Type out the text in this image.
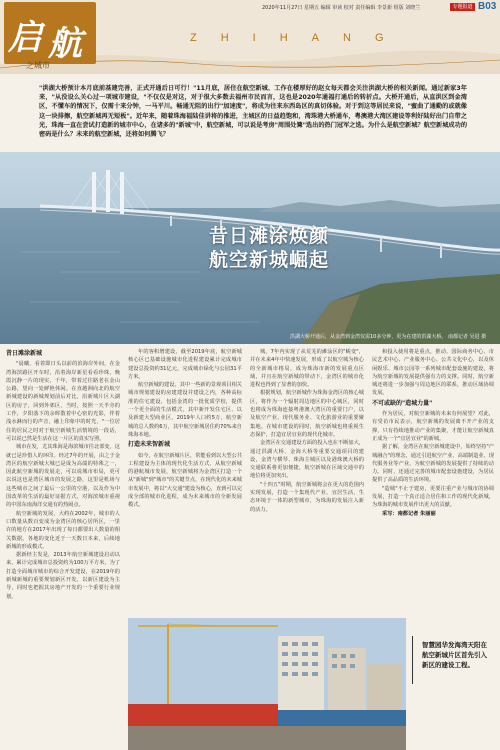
启 航	ZHIHANG
之城市
2020年11月27日 星期五 编辑 审读 校对 责任编辑 李景新 组版 刘晓兰	专题报道 B03
"洪湖大桥预计本月底前基建完善，正式开通后日可行！"11月底，居住在航空新城、工作在楼厚好的赵女每天都会关注洪湖大桥的相关新闻。通过新家3年来，"从没设么关心过一项城市建设，"不仅仅是对这，对于很大多数去福州市民而言，这也是2020年通福打通后的转折点。大桥开通后，从直洪区到金湾区，不懂车的情况下，仅需十来分钟，一马平川。畅通无阻的出行"加速度"，将成为往来东西岛区的真切体验。对于到这等居民来说，"蜜曲了通勤的或就像这一块排擦，航空新城再无短板"。近年来，随着珠海福陆佳讲将的推进，主城区的日益趋饱和，湾珠港大桥通车，粤澳港大湾区建设等利好陆好出门自带之光，珠海一直在尝试打造新的城市中心，在诸多的"新城"中，航空新城，可以说是考房"周围处篝"选出的热门冠军之选。为什么是航空新城？航空新城成功的密码是什么？未来的航空新城，还将如何腾飞？
昔日滩涂焕颜
航空新城崛起
洪湖大桥开通后，从金湾到金湾仅需10多分钟，更为在建的洪湖大桥。 南都记者 吴进 摄
昔日滩涂新城

"晨曦，看着即日头以前的滨海岸外间，在金湾海滨路区开车时，沿着海岸新星看看珍珠，晚霞沉静一片的现实，千年，带着过往路老在金山公路，望向一处鲜艳休闲。在直越洲向北的航空新城建设的新城规划前后对比，沿新城片区大湖区的房子，回到外郊区，当时，按照一天半旁的工作，夕阳落下的余晖散着中心密的光影，伴着浅水淋而行的声音，融上印象中的时光，"一位居住的居民之时对于航空新城生活情境的一段话，可以说已然是生活在这一片区的真实写照。

城市在发，尤其珠海是海滨城市往北部变，这就已是珍惜人的环印。经过7年的开展，由之于金湾区的航空新城大城已是成为高端的特殊之一，因此航空新城的发展走，可以说城市布局，更可以说这也是湾区城市的发展之路，这里是机场与这些城市之间了最后一公里的空港，以及作为中国改革的生活的最好证据方式，对海滨城市重视的中国东南海洋交通有的热闹点。

航空新城的发展，大约在2002年，城市的人口数量从数百变成为金湾区的核心居所区，一里许的地方在2017年出现了每日都要出人数量的相关数据。各地的变化近于一天数日本来，后续地新城的形成模式。

据新经主发是，2013年航空新城建设启动以来，累计完成城市总投资约为100万平方米，为了打造全面城市城市的综合开发建设，在2019年的新城新城的重要规划新区开发，以新区建设为主导，同时也把握其房地产开发的一个重要行业规划。

年的客积增建设，截至2019年底，航空新城核心区已基础设施城市化进程建设累计完成城市建设总投资约31亿元，完成城市绿化与公园31平方米。

航空新城的建设，其中一些新的景观项目相关城市规划建设的房建建设并建设之内，各种高标准的住宅建设，包括金湾的一批优质学校，提供一个更全面的生活模式，其中新开发住宅区、以及新建大型商业区，2019年人口约5万，航空新城的总人数约6万，其中航空新城居住约70%来自珠海本地。

打造未来智新城

如今，在航空新城片区，常能看到以大型公共工程建设为主体的现代化生活方式，从航空新城的港航城市发展，航空新城将为金湾区打造一个从"新城"到"城市"的关键节点，在现代化的未来城市发展中，将以"大交通"建设为核心，直到可以完成全部的城市化进程，成为未来城市的全新发展模式。

城，7年内实现了从荒芜的滩涂区的"蜕变"，并在未来4年中快速发展，形成了以航空城为核心的全新城市格局，成为珠海市新的发展重点区域，并且在航空新城的带动下，金湾区的城市化进程也得到了显著的加快。

根据规划，航空新城作为珠海金湾区的核心城区，将作为一个辐射周边地区的中心城区，同时也将成为珠海连接粤港澳大湾区的重要门户，以及航空产业、现代服务业、文化旅游业的重要聚集地。在城市建设的同时，航空新城也将重视生态保护，打造宜居宜业的现代化城市。

金湾区在交通建设方面的投入也在不断加大，通过洪湖大桥、金海大桥等重要交通项目的建设，金湾与横琴、珠海主城区以及港珠澳大桥的交通联系将更加便捷，航空新城在区域交通中的地位将更加突出。

"十四五"时期，航空新城将会在更大的范围内实现发展，打造一个集现代产业、宜居生活、生态环境于一体的新型城市，为珠海的发展注入新的活力。

和投入使用将是重点，推动，国际商务中心、市民艺术中心、产业服务中心、公共文化中心，以及休闲娱乐、城市公园等一系列城市配套设施的建设，将为航空新城的发展提供强有力的支撑。同时，航空新城还将进一步加强与周边地区的联系，推动区域协调发展。

不可或缺的"造城力量"

作为居民，对航空新城的未来有何展望？对此，有受访市民表示，航空新城的发展离不开产业的支撑，只有持续地推动产业的集聚，才能让航空新城真正成为一个"宜居宜业"的新城。

据了解，金湾区在航空新城建设中，始终坚持"产城融合"的理念，通过引进航空产业、高端制造业、现代服务业等产业，为航空新城的发展提供了持续的动力。同时，还通过完善的城市配套设施建设，为居民提供了高品质的生活环境。

"造城"不止于建房，更要注重产业与城市的协调发展，打造一个真正适合居住和工作的现代化新城，为珠海的城市发展作出更大的贡献。

采写：南都记者 朱丽丽

智慧园华发海湾天阳在航空新城片区首先引入新区的建设工程。
